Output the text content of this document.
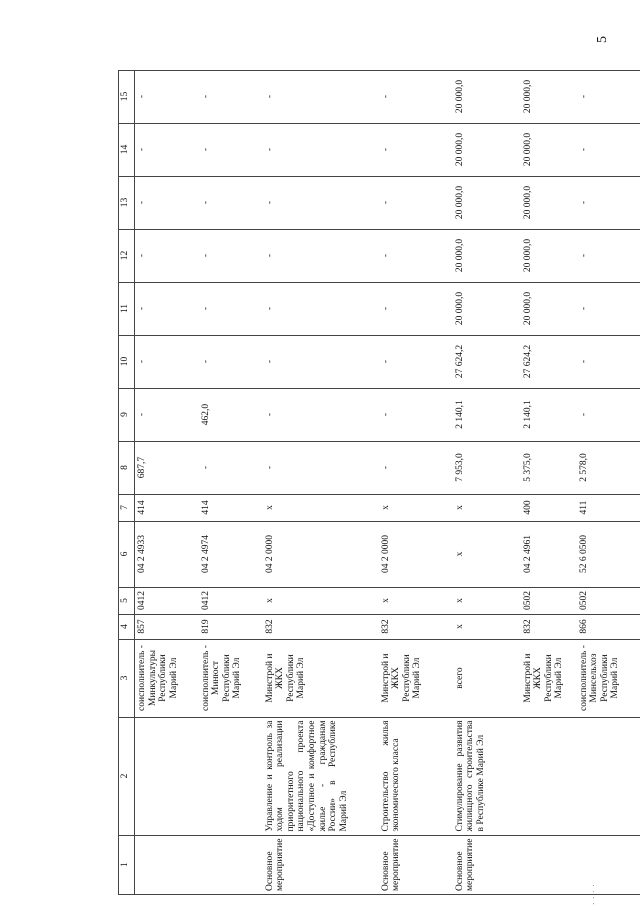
5
1	2	3	4	5	6	7	8	9	10	11	12	13	14	15
		соисполнитель - Минкультуры Республики Марий Эл	857	0412	04 2 4933	414	687,7	-	-	-	-	-	-	-
		соисполнитель - Минюст Республики Марий Эл	819	0412	04 2 4974	414	-	462,0	-	-	-	-	-	-
Основное мероприятие	Управление и контроль за ходом реализации приоритетного национального проекта «Доступное и комфортное жилье - гражданам России» в Республике Марий Эл	Минстрой и ЖКХ Республики Марий Эл	832	x	04 2 0000	x	-	-	-	-	-	-	-	-
Основное мероприятие	Строительство жилья экономического класса	Минстрой и ЖКХ Республики Марий Эл	832	x	04 2 0000	x	-	-	-	-	-	-	-	-
Основное мероприятие	Стимулирование развития жилищного строительства в Республике Марий Эл	всего	x	x	x	x	7 953,0	2 140,1	27 624,2	20 000,0	20 000,0	20 000,0	20 000,0	20 000,0
		Минстрой и ЖКХ Республики Марий Эл	832	0502	04 2 4961	400	5 375,0	2 140,1	27 624,2	20 000,0	20 000,0	20 000,0	20 000,0	20 000,0
		соисполнитель - Минсельхоз Республики Марий Эл	866	0502	52 6 0500	411	2 578,0	-	-	-	-	-	-	-
· · · ·
